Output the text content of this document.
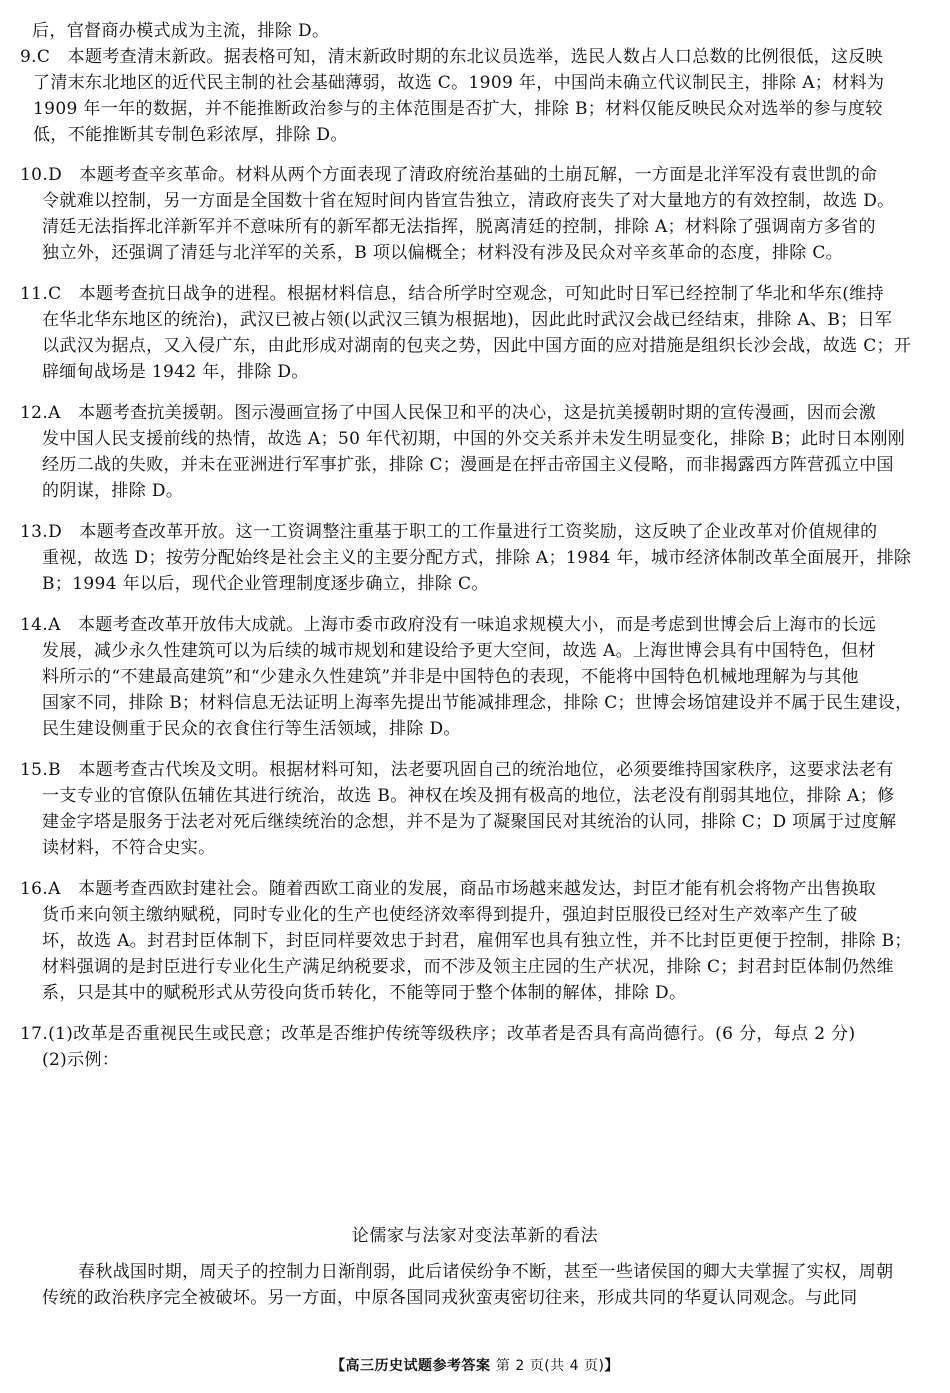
后，官督商办模式成为主流，排除 D。
9.C　本题考查清末新政。据表格可知，清末新政时期的东北议员选举，选民人数占人口总数的比例很低，这反映
了清末东北地区的近代民主制的社会基础薄弱，故选 C。1909 年，中国尚未确立代议制民主，排除 A；材料为
1909 年一年的数据，并不能推断政治参与的主体范围是否扩大，排除 B；材料仅能反映民众对选举的参与度较
低，不能推断其专制色彩浓厚，排除 D。
10.D　本题考查辛亥革命。材料从两个方面表现了清政府统治基础的土崩瓦解，一方面是北洋军没有袁世凯的命
令就难以控制，另一方面是全国数十省在短时间内皆宣告独立，清政府丧失了对大量地方的有效控制，故选 D。
清廷无法指挥北洋新军并不意味所有的新军都无法指挥，脱离清廷的控制，排除 A；材料除了强调南方多省的
独立外，还强调了清廷与北洋军的关系，B 项以偏概全；材料没有涉及民众对辛亥革命的态度，排除 C。
11.C　本题考查抗日战争的进程。根据材料信息，结合所学时空观念，可知此时日军已经控制了华北和华东(维持
在华北华东地区的统治)，武汉已被占领(以武汉三镇为根据地)，因此此时武汉会战已经结束，排除 A、B；日军
以武汉为据点，又入侵广东，由此形成对湖南的包夹之势，因此中国方面的应对措施是组织长沙会战，故选 C；开
辟缅甸战场是 1942 年，排除 D。
12.A　本题考查抗美援朝。图示漫画宣扬了中国人民保卫和平的决心，这是抗美援朝时期的宣传漫画，因而会激
发中国人民支援前线的热情，故选 A；50 年代初期，中国的外交关系并未发生明显变化，排除 B；此时日本刚刚
经历二战的失败，并未在亚洲进行军事扩张，排除 C；漫画是在抨击帝国主义侵略，而非揭露西方阵营孤立中国
的阴谋，排除 D。
13.D　本题考查改革开放。这一工资调整注重基于职工的工作量进行工资奖励，这反映了企业改革对价值规律的
重视，故选 D；按劳分配始终是社会主义的主要分配方式，排除 A；1984 年，城市经济体制改革全面展开，排除
B；1994 年以后，现代企业管理制度逐步确立，排除 C。
14.A　本题考查改革开放伟大成就。上海市委市政府没有一味追求规模大小，而是考虑到世博会后上海市的长远
发展，减少永久性建筑可以为后续的城市规划和建设给予更大空间，故选 A。上海世博会具有中国特色，但材
料所示的“不建最高建筑”和“少建永久性建筑”并非是中国特色的表现，不能将中国特色机械地理解为与其他
国家不同，排除 B；材料信息无法证明上海率先提出节能减排理念，排除 C；世博会场馆建设并不属于民生建设，
民生建设侧重于民众的衣食住行等生活领域，排除 D。
15.B　本题考查古代埃及文明。根据材料可知，法老要巩固自己的统治地位，必须要维持国家秩序，这要求法老有
一支专业的官僚队伍辅佐其进行统治，故选 B。神权在埃及拥有极高的地位，法老没有削弱其地位，排除 A；修
建金字塔是服务于法老对死后继续统治的念想，并不是为了凝聚国民对其统治的认同，排除 C；D 项属于过度解
读材料，不符合史实。
16.A　本题考查西欧封建社会。随着西欧工商业的发展，商品市场越来越发达，封臣才能有机会将物产出售换取
货币来向领主缴纳赋税，同时专业化的生产也使经济效率得到提升，强迫封臣服役已经对生产效率产生了破
坏，故选 A。封君封臣体制下，封臣同样要效忠于封君，雇佣军也具有独立性，并不比封臣更便于控制，排除 B；
材料强调的是封臣进行专业化生产满足纳税要求，而不涉及领主庄园的生产状况，排除 C；封君封臣体制仍然维
系，只是其中的赋税形式从劳役向货币转化，不能等同于整个体制的解体，排除 D。
17.(1)改革是否重视民生或民意；改革是否维护传统等级秩序；改革者是否具有高尚德行。(6 分，每点 2 分)
(2)示例：
论儒家与法家对变法革新的看法
春秋战国时期，周天子的控制力日渐削弱，此后诸侯纷争不断，甚至一些诸侯国的卿大夫掌握了实权，周朝
传统的政治秩序完全被破坏。另一方面，中原各国同戎狄蛮夷密切往来，形成共同的华夏认同观念。与此同
【高三历史试题参考答案 第 2 页(共 4 页)】
